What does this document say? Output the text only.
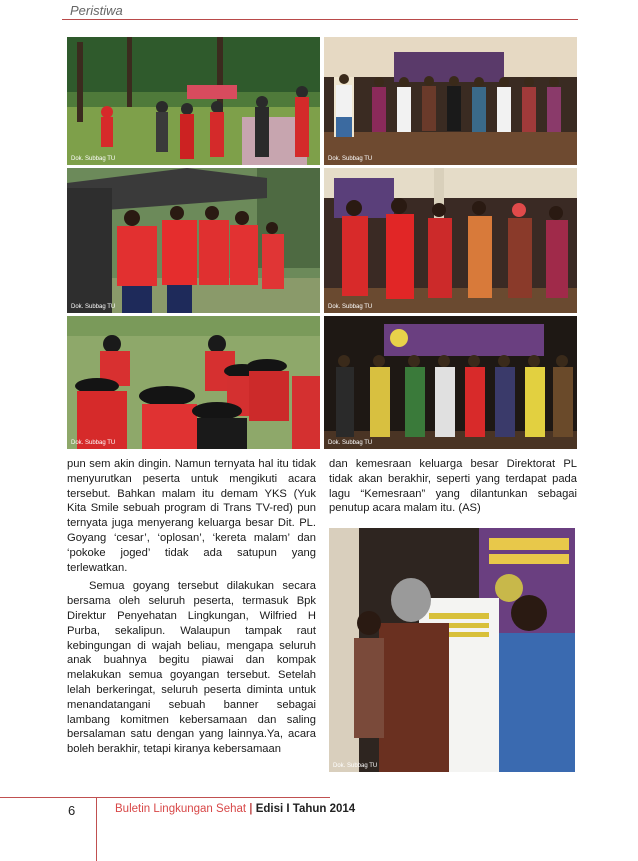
Peristiwa
Dok. Subbag TU	Dok. Subbag TU
Dok. Subbag TU	Dok. Subbag TU
Dok. Subbag TU	Dok. Subbag TU
Dok. Subbag TU

pun sem akin dingin. Namun ternyata hal itu tidak menyurutkan peserta untuk mengikuti acara tersebut. Bahkan malam itu demam YKS (Yuk Kita Smile sebuah program di Trans TV-red) pun ternyata juga menyerang keluarga besar Dit. PL. Goyang ‘cesar’, ‘oplosan’, ‘kereta malam’ dan ‘pokoke joged’ tidak ada satupun yang terlewatkan.

Semua goyang tersebut dilakukan secara bersama oleh seluruh peserta, termasuk Bpk Direktur Penyehatan Lingkungan, Wilfried H Purba, sekalipun. Walaupun tampak raut kebingungan di wajah beliau, mengapa seluruh anak buahnya begitu piawai dan kompak melakukan semua goyangan tersebut. Setelah lelah berkeringat, seluruh peserta diminta untuk menandatangani sebuah banner sebagai lambang komitmen kebersamaan dan saling bersalaman satu dengan yang lainnya.Ya, acara boleh berakhir, tetapi kiranya kebersamaan

dan kemesraan keluarga besar Direktorat PL tidak akan berakhir, seperti yang terdapat pada lagu “Kemesraan” yang dilantunkan sebagai penutup acara malam itu. (AS)

6	Buletin Lingkungan Sehat | Edisi I Tahun 2014
